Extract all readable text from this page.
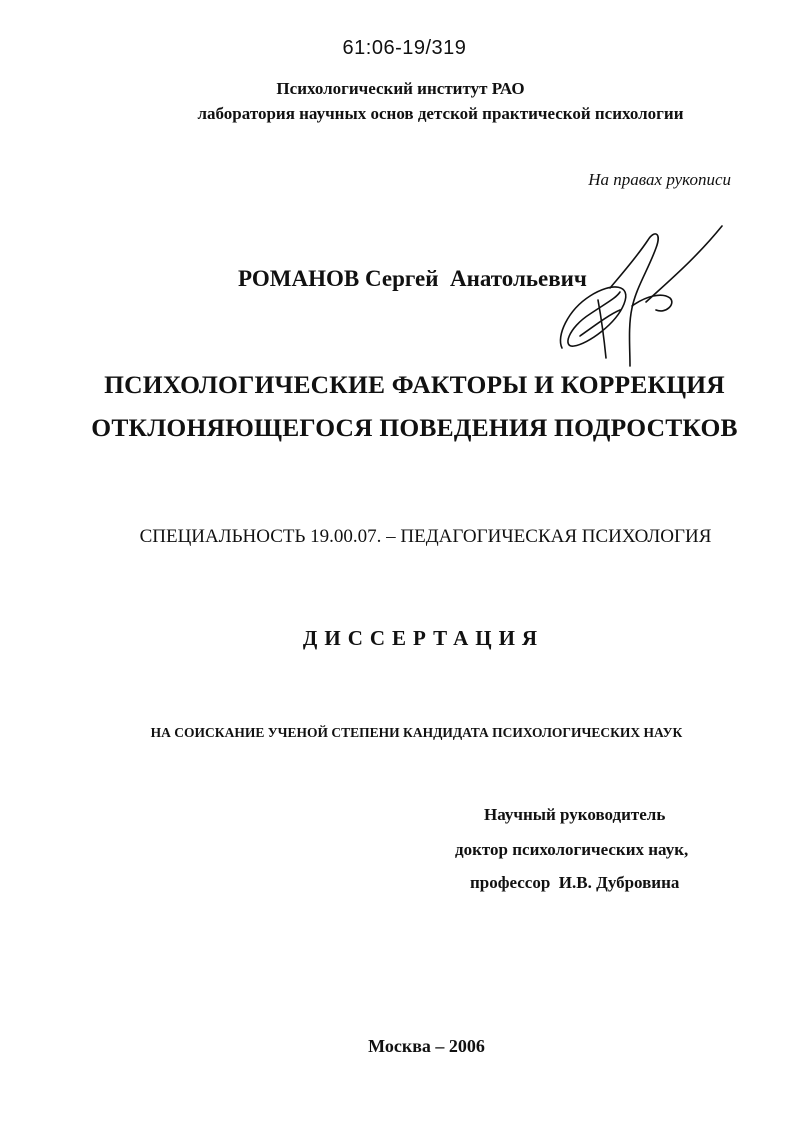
61:06-19/319
Психологический институт РАО
лаборатория научных основ детской практической психологии
На правах рукописи
РОМАНОВ Сергей  Анатольевич
ПСИХОЛОГИЧЕСКИЕ ФАКТОРЫ И КОРРЕКЦИЯ
ОТКЛОНЯЮЩЕГОСЯ ПОВЕДЕНИЯ ПОДРОСТКОВ
СПЕЦИАЛЬНОСТЬ 19.00.07. – ПЕДАГОГИЧЕСКАЯ ПСИХОЛОГИЯ
ДИССЕРТАЦИЯ
НА СОИСКАНИЕ УЧЕНОЙ СТЕПЕНИ КАНДИДАТА ПСИХОЛОГИЧЕСКИХ НАУК
Научный руководитель
доктор психологических наук,
профессор  И.В. Дубровина
Москва – 2006
